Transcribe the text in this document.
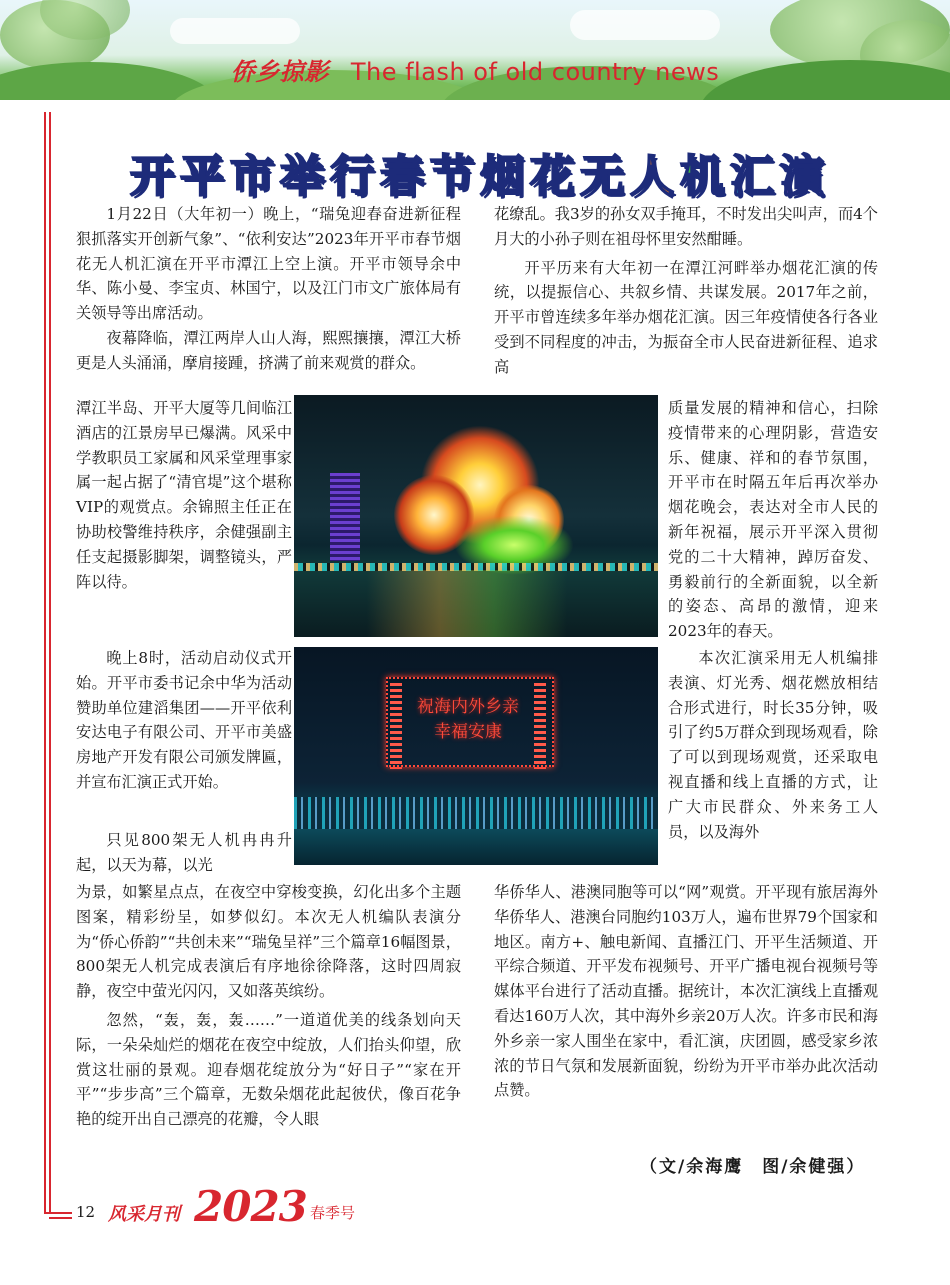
侨乡掠影 The flash of old country news
开平市举行春节烟花无人机汇演

1月22日（大年初一）晚上，“瑞兔迎春奋进新征程 狠抓落实开创新气象”、“依利安达”2023年开平市春节烟花无人机汇演在开平市潭江上空上演。开平市领导余中华、陈小曼、李宝贞、林国宁，以及江门市文广旅体局有关领导等出席活动。

夜幕降临，潭江两岸人山人海，熙熙攘攘，潭江大桥更是人头涌涌，摩肩接踵，挤满了前来观赏的群众。

潭江半岛、开平大厦等几间临江酒店的江景房早已爆满。风采中学教职员工家属和风采堂理事家属一起占据了“清官堤”这个堪称VIP的观赏点。余锦照主任正在协助校警维持秩序，余健强副主任支起摄影脚架，调整镜头，严阵以待。

晚上8时，活动启动仪式开始。开平市委书记余中华为活动赞助单位建滔集团——开平依利安达电子有限公司、开平市美盛房地产开发有限公司颁发牌匾，并宣布汇演正式开始。

只见800架无人机冉冉升起，以天为幕，以光

为景，如繁星点点，在夜空中穿梭变换，幻化出多个主题图案，精彩纷呈，如梦似幻。本次无人机编队表演分为“侨心侨韵”“共创未来”“瑞兔呈祥”三个篇章16幅图景，800架无人机完成表演后有序地徐徐降落，这时四周寂静，夜空中萤光闪闪，又如落英缤纷。

忽然，“轰，轰，轰……”一道道优美的线条划向天际，一朵朵灿烂的烟花在夜空中绽放，人们抬头仰望，欣赏这壮丽的景观。迎春烟花绽放分为“好日子”“家在开平”“步步高”三个篇章，无数朵烟花此起彼伏，像百花争艳的绽开出自己漂亮的花瓣，令人眼

花缭乱。我3岁的孙女双手掩耳，不时发出尖叫声，而4个月大的小孙子则在祖母怀里安然酣睡。

开平历来有大年初一在潭江河畔举办烟花汇演的传统，以提振信心、共叙乡情、共谋发展。2017年之前，开平市曾连续多年举办烟花汇演。因三年疫情使各行各业受到不同程度的冲击，为振奋全市人民奋进新征程、追求高

质量发展的精神和信心，扫除疫情带来的心理阴影，营造安乐、健康、祥和的春节氛围，开平市在时隔五年后再次举办烟花晚会，表达对全市人民的新年祝福，展示开平深入贯彻党的二十大精神，踔厉奋发、勇毅前行的全新面貌，以全新的姿态、高昂的激情，迎来2023年的春天。

本次汇演采用无人机编排表演、灯光秀、烟花燃放相结合形式进行，时长35分钟，吸引了约5万群众到现场观看，除了可以到现场观赏，还采取电视直播和线上直播的方式，让广大市民群众、外来务工人员，以及海外

华侨华人、港澳同胞等可以“网”观赏。开平现有旅居海外华侨华人、港澳台同胞约103万人，遍布世界79个国家和地区。南方+、触电新闻、直播江门、开平生活频道、开平综合频道、开平发布视频号、开平广播电视台视频号等媒体平台进行了活动直播。据统计，本次汇演线上直播观看达160万人次，其中海外乡亲20万人次。许多市民和海外乡亲一家人围坐在家中，看汇演，庆团圆，感受家乡浓浓的节日气氛和发展新面貌，纷纷为开平市举办此次活动点赞。

祝海内外乡亲
幸福安康
（文/余海鹰　图/余健强）
12 风采月刊 2023 春季号
